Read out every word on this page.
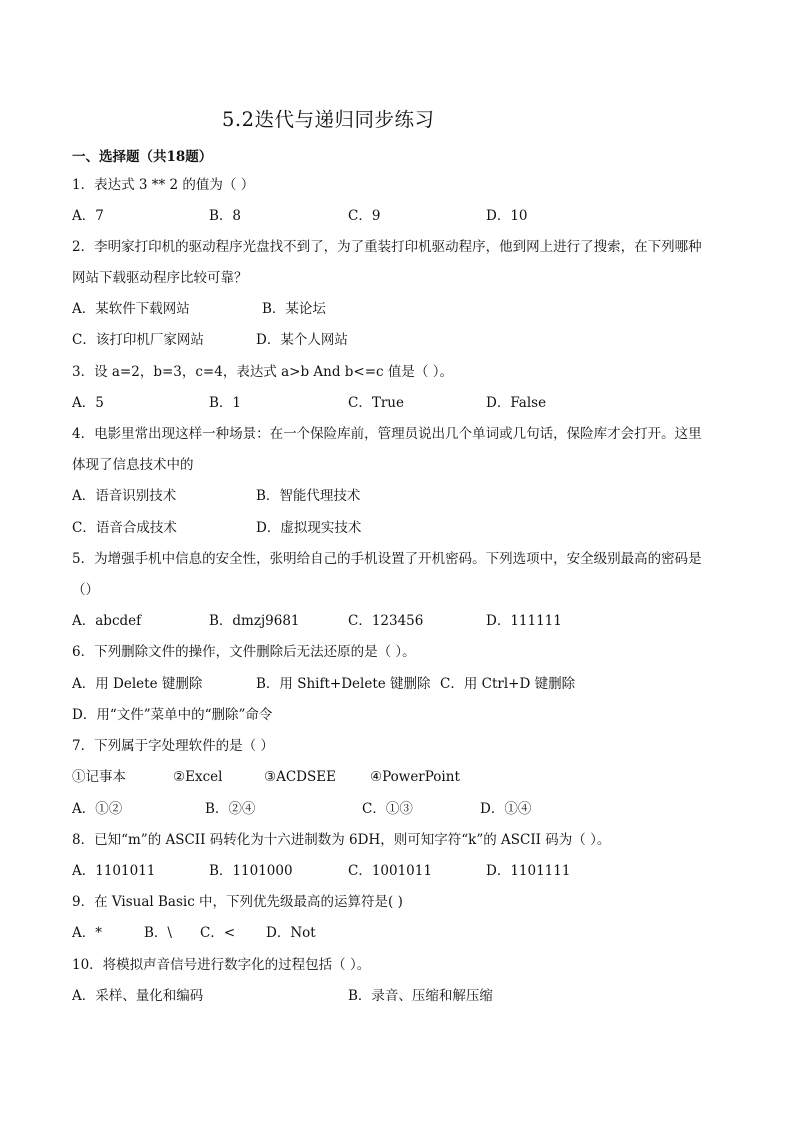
5.2迭代与递归同步练习
一、选择题（共18题）
1．表达式 3 ** 2 的值为（ ）
A．7	B．8	C．9	D．10
2．李明家打印机的驱动程序光盘找不到了，为了重装打印机驱动程序，他到网上进行了搜索，在下列哪种
网站下载驱动程序比较可靠？
A．某软件下载网站	B．某论坛
C．该打印机厂家网站	D．某个人网站
3．设 a=2，b=3，c=4，表达式 a>b And b<=c 值是（ ）。
A．5	B．1	C．True	D．False
4．电影里常出现这样一种场景：在一个保险库前，管理员说出几个单词或几句话，保险库才会打开。这里
体现了信息技术中的
A．语音识别技术	B．智能代理技术
C．语音合成技术	D．虚拟现实技术
5．为增强手机中信息的安全性，张明给自己的手机设置了开机密码。下列选项中，安全级别最高的密码是
（）
A．abcdef	B．dmzj9681	C．123456	D．111111
6．下列删除文件的操作，文件删除后无法还原的是（ ）。
A．用 Delete 键删除	B．用 Shift+Delete 键删除 C．用 Ctrl+D 键删除
D．用“文件”菜单中的“删除”命令
7．下列属于字处理软件的是（ ）
①记事本	②Excel	③ACDSEE	④PowerPoint
A．①②	B．②④	C．①③	D．①④
8．已知“m”的 ASCII 码转化为十六进制数为 6DH，则可知字符“k”的 ASCII 码为（ ）。
A．1101011	B．1101000	C．1001011	D．1101111
9．在 Visual Basic 中，下列优先级最高的运算符是( )
A．*	B．\ C．< D．Not
10．将模拟声音信号进行数字化的过程包括（ ）。
A．采样、量化和编码	B．录音、压缩和解压缩
